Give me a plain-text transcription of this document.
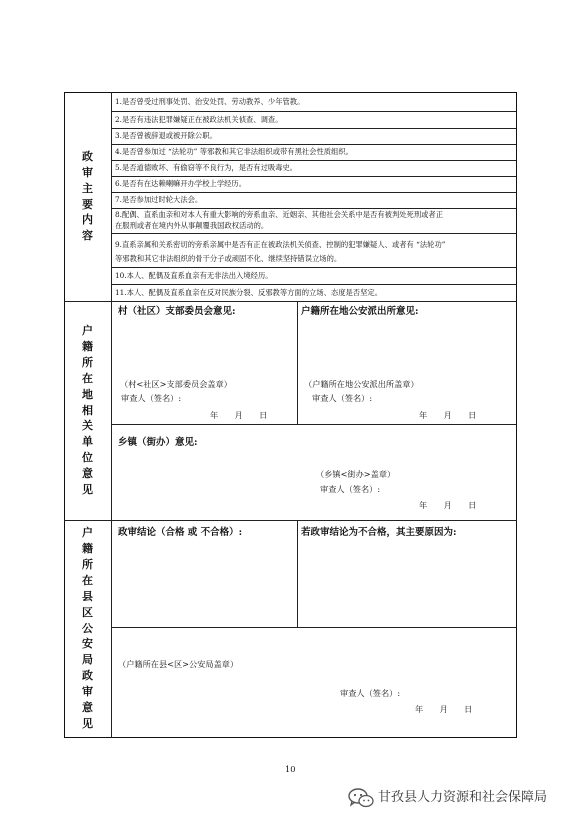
政
审
主
要
内
容
户
籍
所
在
地
相
关
单
位
意
见
户
籍
所
在
县
区
公
安
局
政
审
意
见
1.是否曾受过刑事处罚、治安处罚、劳动教养、少年管教。
2.是否有违法犯罪嫌疑正在被政法机关侦查、调查。
3.是否曾被辞退或被开除公职。
4.是否曾参加过 “法轮功” 等邪教和其它非法组织或带有黑社会性质组织。
5.是否道德败坏、有偷窃等不良行为，是否有过吸毒史。
6.是否有在达赖喇嘛开办学校上学经历。
7.是否参加过时轮大法会。
8.配偶、直系血亲和对本人有重大影响的旁系血亲、近姻亲、其他社会关系中是否有被判处死刑或者正
在服刑或者在境内外从事颠覆我国政权活动的。
9.直系亲属和关系密切的旁系亲属中是否有正在被政法机关侦查、控制的犯罪嫌疑人、或者有 “法轮功”
等邪教和其它非法组织的骨干分子或顽固不化、继续坚持错误立场的。
10.本人、配偶及直系血亲有无非法出入境经历。
11.本人、配偶及直系血亲在反对民族分裂、反邪教等方面的立场、态度是否坚定。
村（社区）支部委员会意见:
（村<社区>支部委员会盖章）
审查人（签名）:
年　　月　　日
户籍所在地公安派出所意见:
（户籍所在地公安派出所盖章）
审查人（签名）:
年　　月　　日
乡镇（街办）意见:
（乡镇<街办>盖章）
审查人（签名）:
年　　月　　日
政审结论（合格 或 不合格）:	若政审结论为不合格，其主要原因为:
（户籍所在县<区>公安局盖章）
审查人（签名）:
年　　月　　日
10
甘孜县人力资源和社会保障局
